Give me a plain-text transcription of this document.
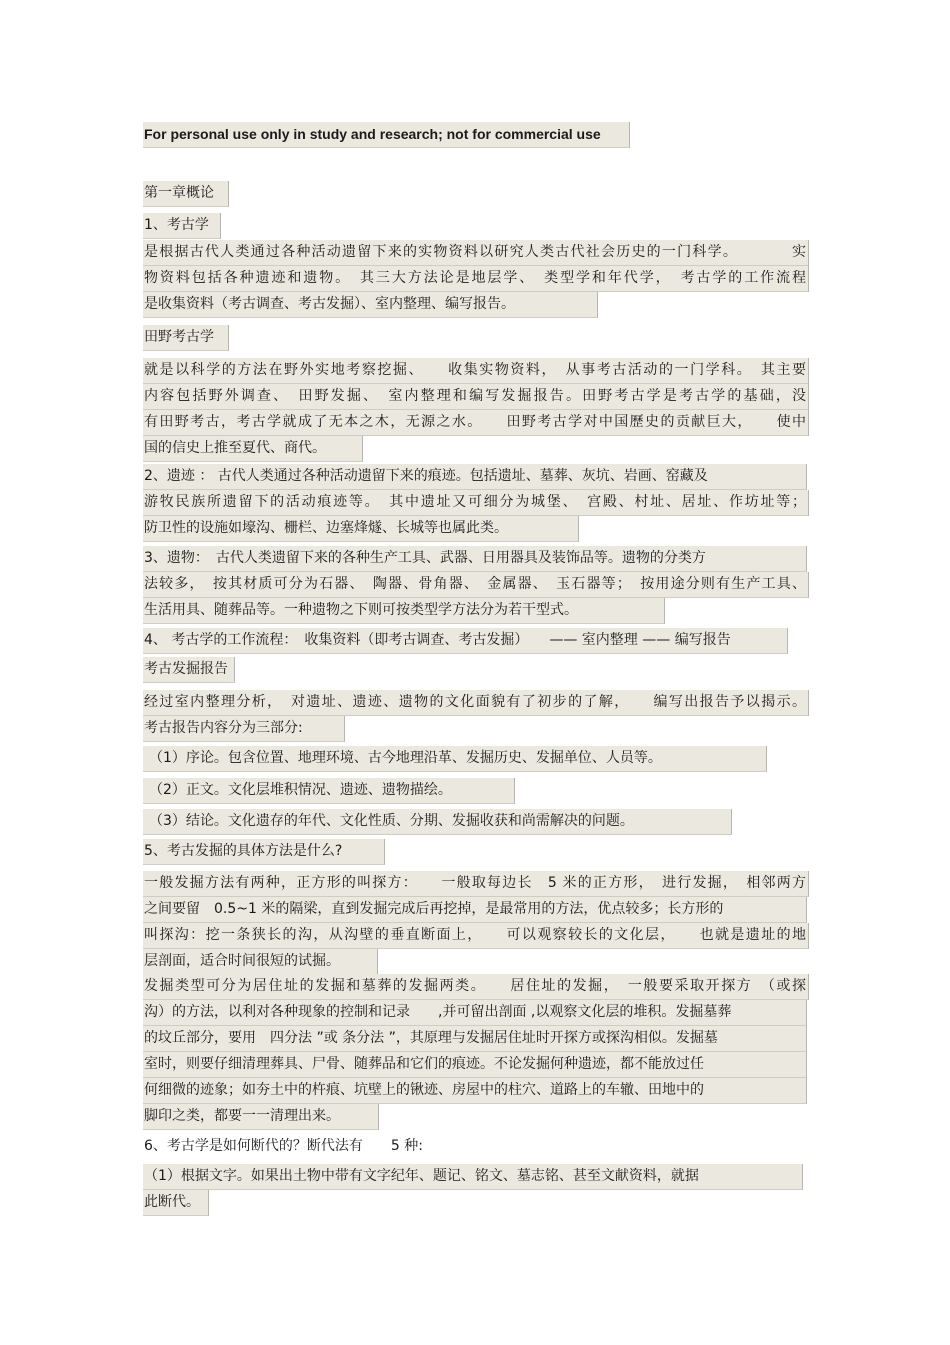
For personal use only in study and research; not for commercial use
第一章概论
1、考古学
是根据古代人类通过各种活动遗留下来的实物资料以研究人类古代社会历史的一门科学。　　　　实
物资料包括各种遗迹和遗物。　其三大方法论是地层学、　类型学和年代学，　考古学的工作流程
是收集资料（考古调查、考古发掘）、室内整理、编写报告。
田野考古学
就是以科学的方法在野外实地考察挖掘、　　收集实物资料，　从事考古活动的一门学科。　其主要
内容包括野外调查、　田野发掘、　室内整理和编写发掘报告。田野考古学是考古学的基础，没
有田野考古，考古学就成了无本之木，无源之水。　　田野考古学对中国歷史的贡献巨大，　　使中
国的信史上推至夏代、商代。
2、遗迹 ： 古代人类通过各种活动遗留下来的痕迹。包括遗址、墓葬、灰坑、岩画、窑藏及
游牧民族所遗留下的活动痕迹等。　其中遗址又可细分为城堡、　宫殿、村址、居址、作坊址等；
防卫性的设施如壕沟、栅栏、边塞烽燧、长城等也属此类。
3、遗物：　古代人类遗留下来的各种生产工具、武器、日用器具及装饰品等。遗物的分类方
法较多，　按其材质可分为石器、　陶器、骨角器、　金属器、　玉石器等；　按用途分则有生产工具、
生活用具、随葬品等。一种遗物之下则可按类型学方法分为若干型式。
4、 考古学的工作流程：　收集资料（即考古调查、考古发掘）　　—— 室内整理 —— 编写报告
考古发掘报告
经过室内整理分析，　对遗址、遗迹、遗物的文化面貌有了初步的了解，　　编写出报告予以揭示。
考古报告内容分为三部分:
（1）序论。包含位置、地理环境、古今地理沿革、发掘历史、发掘单位、人员等。
（2）正文。文化层堆积情况、遗迹、遗物描绘。
（3）结论。文化遗存的年代、文化性质、分期、发掘收获和尚需解决的问题。
5、考古发掘的具体方法是什么?
一般发掘方法有两种，正方形的叫探方：　　一般取每边长　5 米的正方形，　进行发掘，　相邻两方
之间要留　0.5~1 米的隔梁，直到发掘完成后再挖掉，是最常用的方法，优点较多；长方形的
叫探沟：挖一条狭长的沟，从沟壁的垂直断面上，　　可以观察较长的文化层，　　也就是遗址的地
层剖面，适合时间很短的试掘。
发掘类型可分为居住址的发掘和墓葬的发掘两类。　　居住址的发掘，　一般要采取开探方　（或探
沟）的方法，以利对各种现象的控制和记录　　,并可留出剖面 ,以观察文化层的堆积。发掘墓葬
的坟丘部分，要用　四分法 ”或 条分法 ”，其原理与发掘居住址时开探方或探沟相似。发掘墓
室时，则要仔细清理葬具、尸骨、随葬品和它们的痕迹。不论发掘何种遗迹，都不能放过任
何细微的迹象；如夯土中的杵痕、坑壁上的锹迹、房屋中的柱穴、道路上的车辙、田地中的
脚印之类，都要一一清理出来。
6、考古学是如何断代的？断代法有　　5 种:
（1）根据文字。如果出土物中带有文字纪年、题记、铭文、墓志铭、甚至文献资料，就据
此断代。
